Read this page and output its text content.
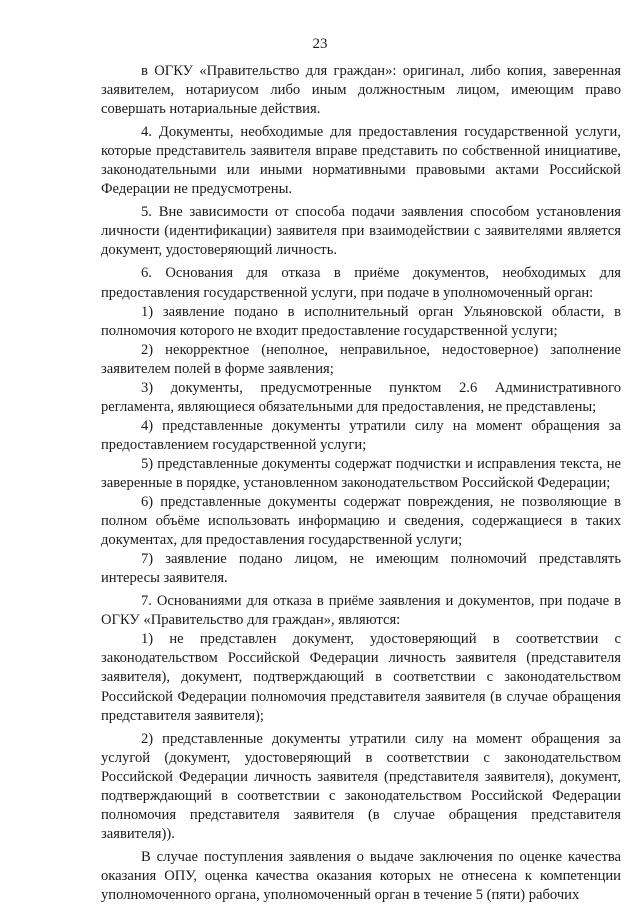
23

в ОГКУ «Правительство для граждан»: оригинал, либо копия, заверенная заявителем, нотариусом либо иным должностным лицом, имеющим право совершать нотариальные действия.

4. Документы, необходимые для предоставления государственной услуги, которые представитель заявителя вправе представить по собственной инициативе, законодательными или иными нормативными правовыми актами Российской Федерации не предусмотрены.

5. Вне зависимости от способа подачи заявления способом установления личности (идентификации) заявителя при взаимодействии с заявителями является документ, удостоверяющий личность.

6. Основания для отказа в приёме документов, необходимых для предоставления государственной услуги, при подаче в уполномоченный орган:

1) заявление подано в исполнительный орган Ульяновской области, в полномочия которого не входит предоставление государственной услуги;

2) некорректное (неполное, неправильное, недостоверное) заполнение заявителем полей в форме заявления;

3) документы, предусмотренные пунктом 2.6 Административного регламента, являющиеся обязательными для предоставления, не представлены;

4) представленные документы утратили силу на момент обращения за предоставлением государственной услуги;

5) представленные документы содержат подчистки и исправления текста, не заверенные в порядке, установленном законодательством Российской Федерации;

6) представленные документы содержат повреждения, не позволяющие в полном объёме использовать информацию и сведения, содержащиеся в таких документах, для предоставления государственной услуги;

7) заявление подано лицом, не имеющим полномочий представлять интересы заявителя.

7. Основаниями для отказа в приёме заявления и документов, при подаче в ОГКУ «Правительство для граждан», являются:

1) не представлен документ, удостоверяющий в соответствии с законодательством Российской Федерации личность заявителя (представителя заявителя), документ, подтверждающий в соответствии с законодательством Российской Федерации полномочия представителя заявителя (в случае обращения представителя заявителя);

2) представленные документы утратили силу на момент обращения за услугой (документ, удостоверяющий в соответствии с законодательством Российской Федерации личность заявителя (представителя заявителя), документ, подтверждающий в соответствии с законодательством Российской Федерации полномочия представителя заявителя (в случае обращения представителя заявителя)).

В случае поступления заявления о выдаче заключения по оценке качества оказания ОПУ, оценка качества оказания которых не отнесена к компетенции уполномоченного органа, уполномоченный орган в течение 5 (пяти) рабочих
